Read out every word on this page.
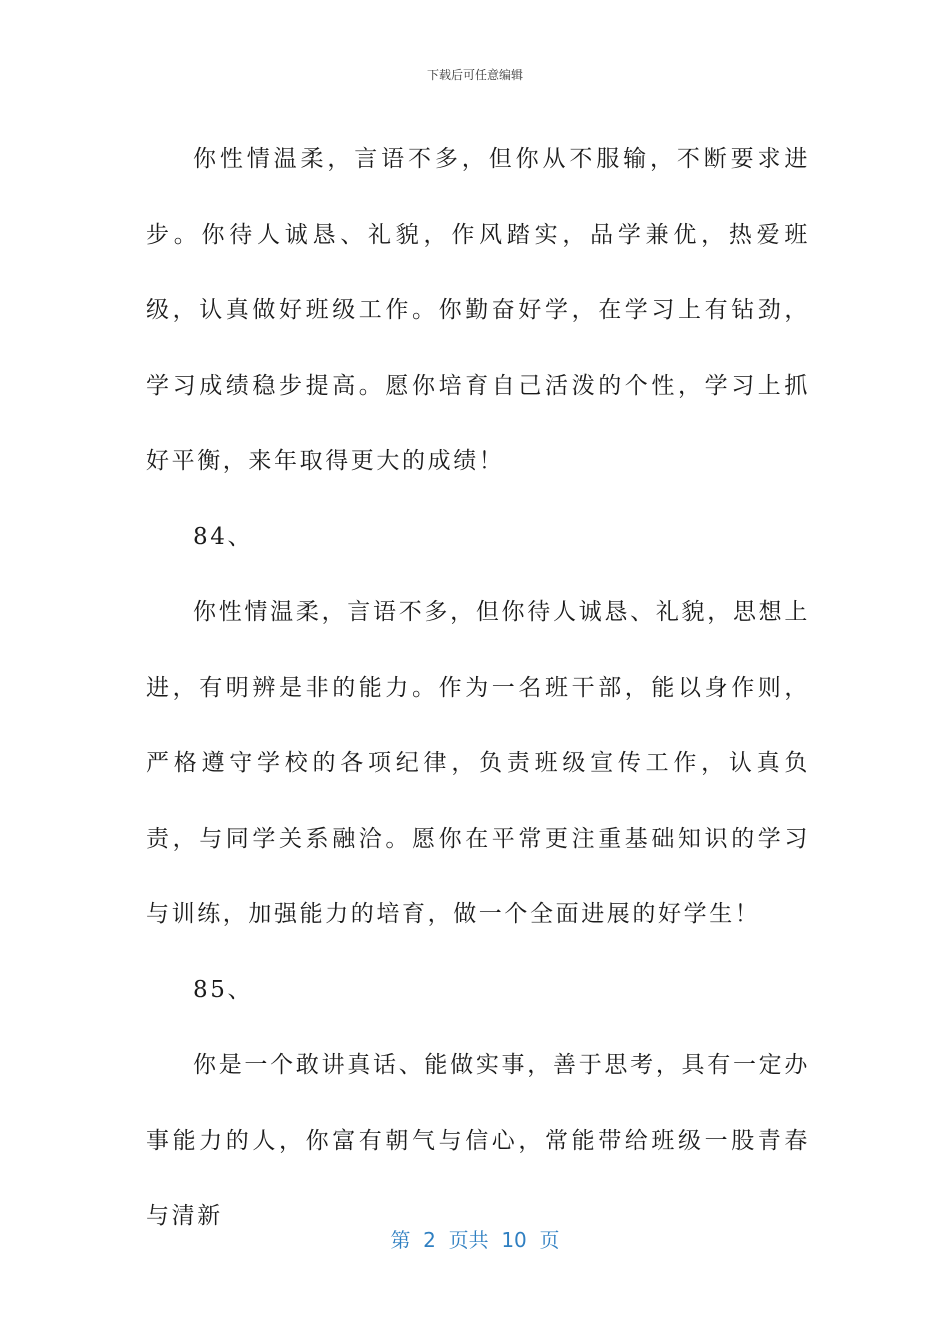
下载后可任意编辑

你性情温柔，言语不多，但你从不服输，不断要求进步。你待人诚恳、礼貌，作风踏实，品学兼优，热爱班级，认真做好班级工作。你勤奋好学，在学习上有钻劲，学习成绩稳步提高。愿你培育自己活泼的个性，学习上抓好平衡，来年取得更大的成绩！

84、

你性情温柔，言语不多，但你待人诚恳、礼貌，思想上进，有明辨是非的能力。作为一名班干部，能以身作则，严格遵守学校的各项纪律，负责班级宣传工作，认真负责，与同学关系融洽。愿你在平常更注重基础知识的学习与训练，加强能力的培育，做一个全面进展的好学生！

85、

你是一个敢讲真话、能做实事，善于思考，具有一定办事能力的人，你富有朝气与信心，常能带给班级一股青春与清新

第  2  页共  10  页
